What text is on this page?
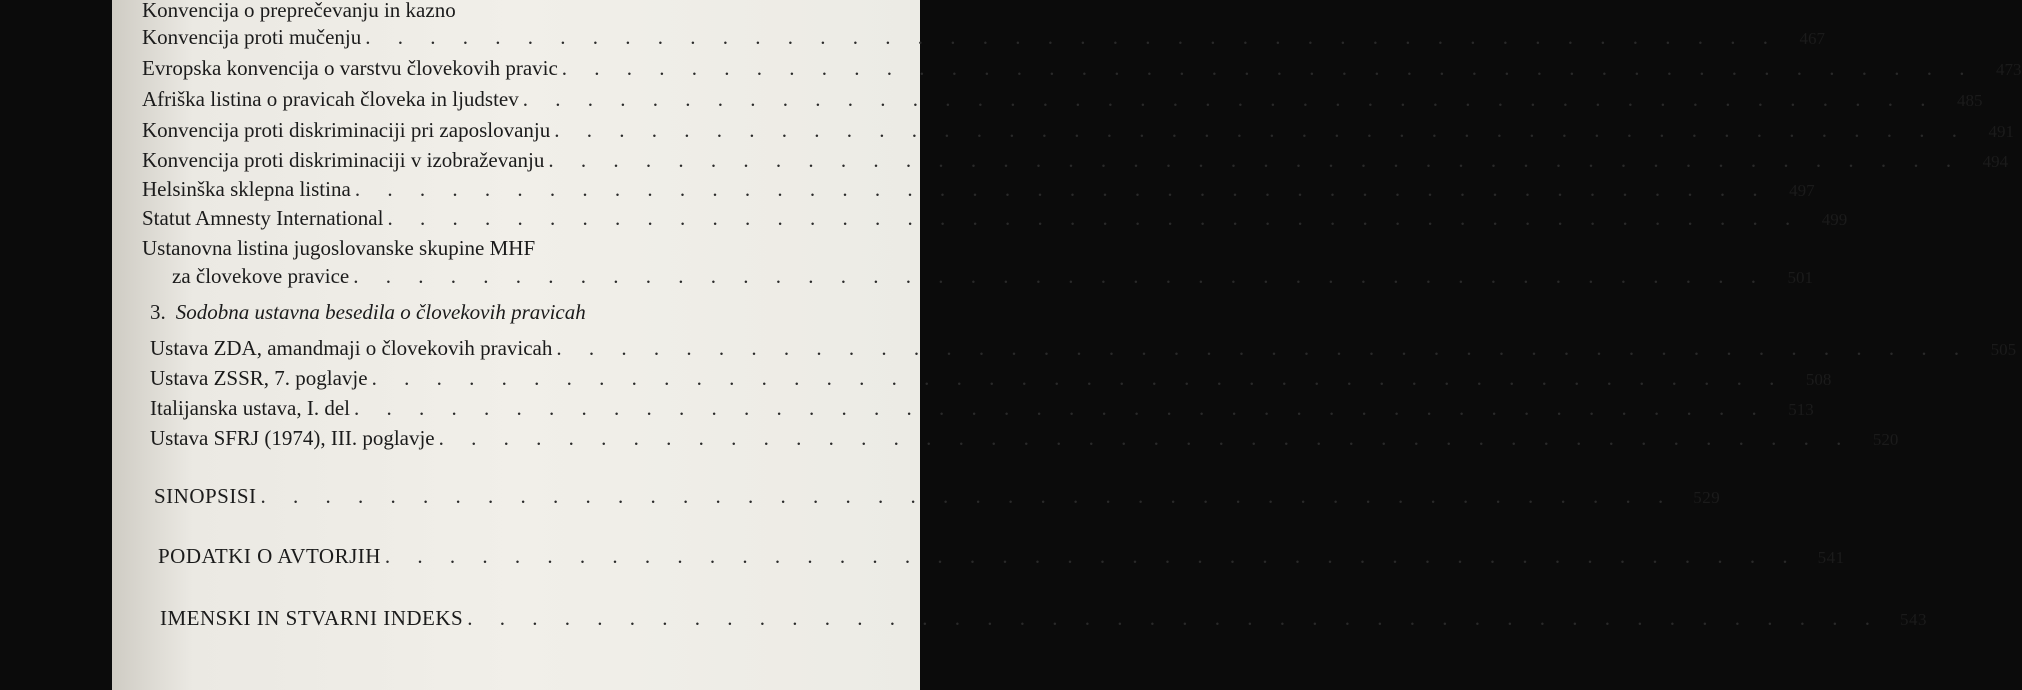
Konvencija o preprečevanju in kazno
Konvencija proti mučenju . . . . . . . . . . . . . . . . . . . . . . . . . . . . . . . . . . . . . . . . . . . .	467
Evropska konvencija o varstvu človekovih pravic . . . . . . . . . . . . . . . . . . . . . . . . . . . . . . . . . . . . . . . . . . . .	473
Afriška listina o pravicah človeka in ljudstev . . . . . . . . . . . . . . . . . . . . . . . . . . . . . . . . . . . . . . . . . . . .	485
Konvencija proti diskriminaciji pri zaposlovanju . . . . . . . . . . . . . . . . . . . . . . . . . . . . . . . . . . . . . . . . . . . .	491
Konvencija proti diskriminaciji v izobraževanju . . . . . . . . . . . . . . . . . . . . . . . . . . . . . . . . . . . . . . . . . . . .	494
Helsinška sklepna listina . . . . . . . . . . . . . . . . . . . . . . . . . . . . . . . . . . . . . . . . . . . .	497
Statut Amnesty International . . . . . . . . . . . . . . . . . . . . . . . . . . . . . . . . . . . . . . . . . . . .	499
Ustanovna listina jugoslovanske skupine MHF
za človekove pravice . . . . . . . . . . . . . . . . . . . . . . . . . . . . . . . . . . . . . . . . . . . .	501
3. Sodobna ustavna besedila o človekovih pravicah
Ustava ZDA, amandmaji o človekovih pravicah . . . . . . . . . . . . . . . . . . . . . . . . . . . . . . . . . . . . . . . . . . . .	505
Ustava ZSSR, 7. poglavje . . . . . . . . . . . . . . . . . . . . . . . . . . . . . . . . . . . . . . . . . . . .	508
Italijanska ustava, I. del . . . . . . . . . . . . . . . . . . . . . . . . . . . . . . . . . . . . . . . . . . . .	513
Ustava SFRJ (1974), III. poglavje . . . . . . . . . . . . . . . . . . . . . . . . . . . . . . . . . . . . . . . . . . . .	520
SINOPSISI . . . . . . . . . . . . . . . . . . . . . . . . . . . . . . . . . . . . . . . . . . . .	529
PODATKI O AVTORJIH . . . . . . . . . . . . . . . . . . . . . . . . . . . . . . . . . . . . . . . . . . . .	541
IMENSKI IN STVARNI INDEKS . . . . . . . . . . . . . . . . . . . . . . . . . . . . . . . . . . . . . . . . . . . .	543
